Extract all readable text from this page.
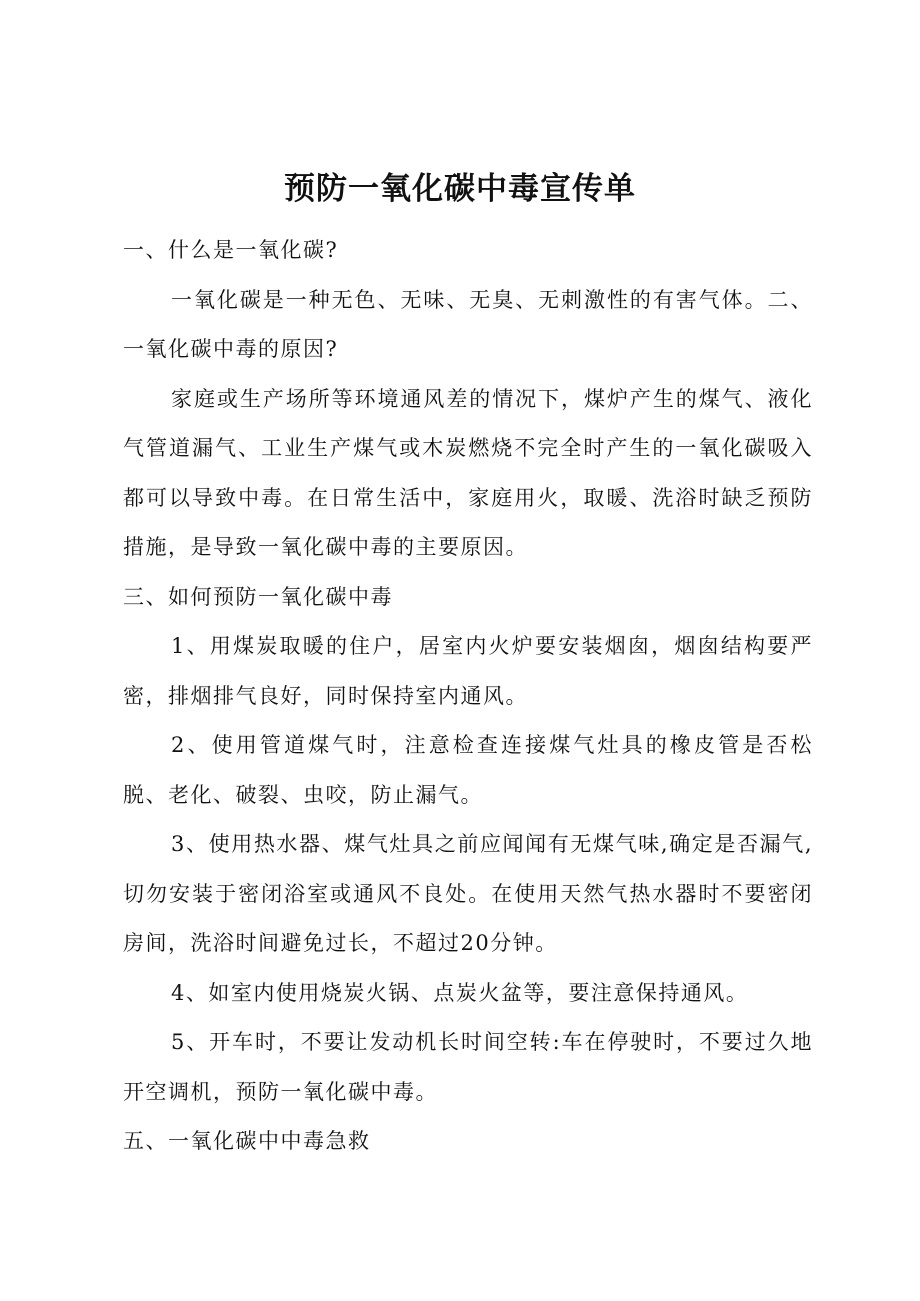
预防一氧化碳中毒宣传单

一、什么是一氧化碳?

一氧化碳是一种无色、无味、无臭、无刺激性的有害气体。二、一氧化碳中毒的原因?

家庭或生产场所等环境通风差的情况下，煤炉产生的煤气、液化气管道漏气、工业生产煤气或木炭燃烧不完全时产生的一氧化碳吸入都可以导致中毒。在日常生活中，家庭用火，取暖、洗浴时缺乏预防措施，是导致一氧化碳中毒的主要原因。

三、如何预防一氧化碳中毒

1、用煤炭取暖的住户，居室内火炉要安装烟囱，烟囱结构要严密，排烟排气良好，同时保持室内通风。

2、使用管道煤气时，注意检查连接煤气灶具的橡皮管是否松脱、老化、破裂、虫咬，防止漏气。

3、使用热水器、煤气灶具之前应闻闻有无煤气味,确定是否漏气,切勿安装于密闭浴室或通风不良处。在使用天然气热水器时不要密闭房间，洗浴时间避免过长，不超过20分钟。

4、如室内使用烧炭火锅、点炭火盆等，要注意保持通风。

5、开车时，不要让发动机长时间空转:车在停驶时，不要过久地开空调机，预防一氧化碳中毒。

五、一氧化碳中中毒急救
